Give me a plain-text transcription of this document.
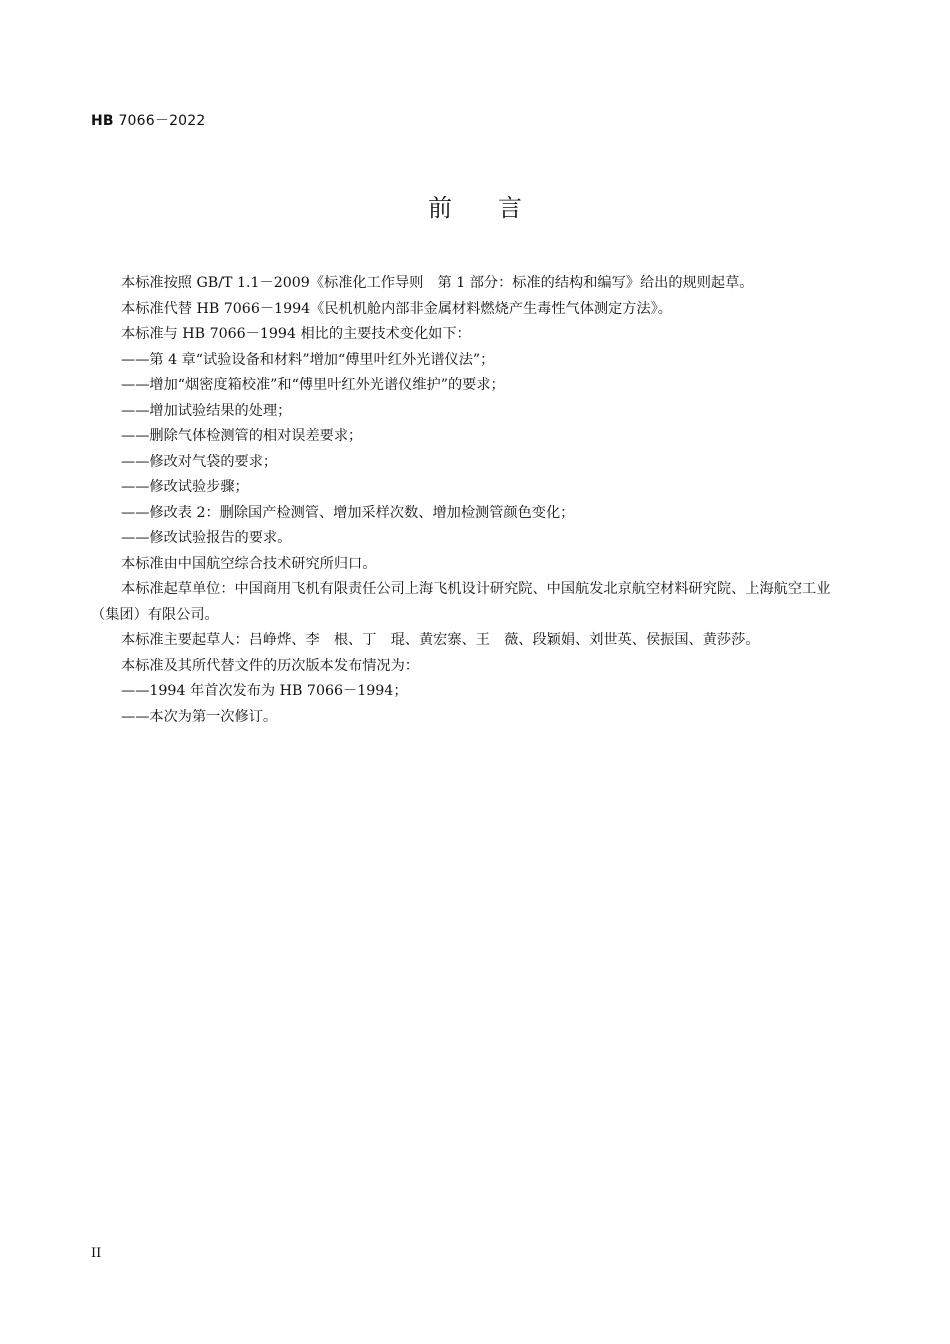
HB 7066－2022
前言

本标准按照 GB/T 1.1－2009《标准化工作导则　第 1 部分：标准的结构和编写》给出的规则起草。

本标准代替 HB 7066－1994《民机机舱内部非金属材料燃烧产生毒性气体测定方法》。

本标准与 HB 7066－1994 相比的主要技术变化如下：

——第 4 章“试验设备和材料”增加“傅里叶红外光谱仪法”；

——增加“烟密度箱校准”和“傅里叶红外光谱仪维护”的要求；

——增加试验结果的处理；

——删除气体检测管的相对误差要求；

——修改对气袋的要求；

——修改试验步骤；

——修改表 2：删除国产检测管、增加采样次数、增加检测管颜色变化；

——修改试验报告的要求。

本标准由中国航空综合技术研究所归口。

本标准起草单位：中国商用飞机有限责任公司上海飞机设计研究院、中国航发北京航空材料研究院、上海航空工业（集团）有限公司。

本标准主要起草人：吕峥烨、李　根、丁　琨、黄宏寨、王　薇、段颖娟、刘世英、侯振国、黄莎莎。

本标准及其所代替文件的历次版本发布情况为：

——1994 年首次发布为 HB 7066－1994；

——本次为第一次修订。

II
